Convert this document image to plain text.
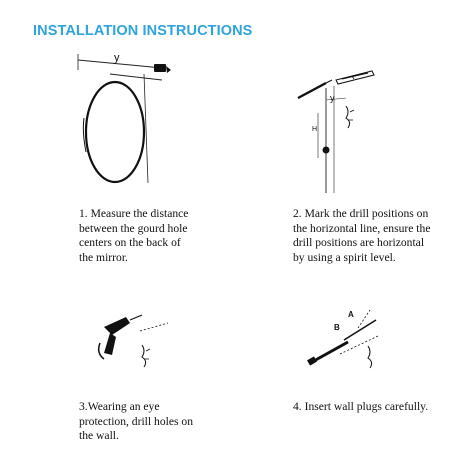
INSTALLATION INSTRUCTIONS
y
y
H
A
B
1. Measure the distance
between the gourd hole
centers on the back of
the mirror.
2. Mark the drill positions on
the horizontal line, ensure the
drill positions are horizontal
by using a spirit level.
3.Wearing an eye
protection, drill holes on
the wall.
4. Insert wall plugs carefully.
